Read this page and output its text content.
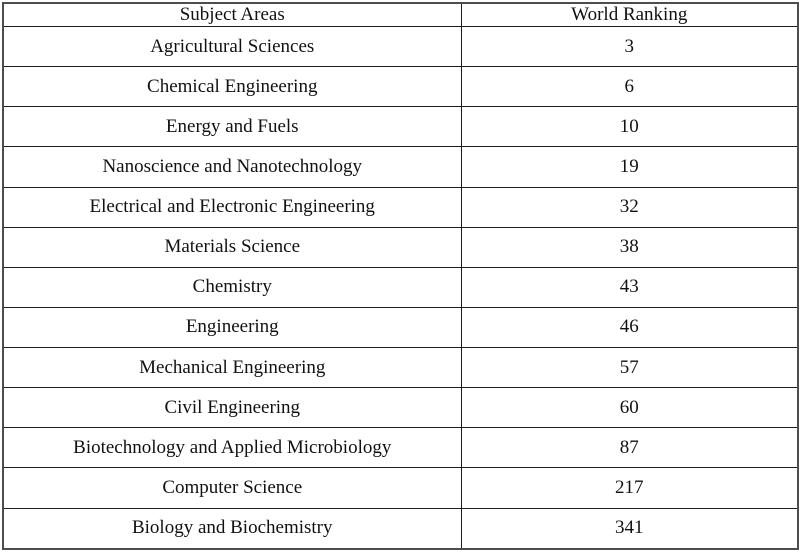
Subject Areas	World Ranking
Agricultural Sciences	3
Chemical Engineering	6
Energy and Fuels	10
Nanoscience and Nanotechnology	19
Electrical and Electronic Engineering	32
Materials Science	38
Chemistry	43
Engineering	46
Mechanical Engineering	57
Civil Engineering	60
Biotechnology and Applied Microbiology	87
Computer Science	217
Biology and Biochemistry	341
